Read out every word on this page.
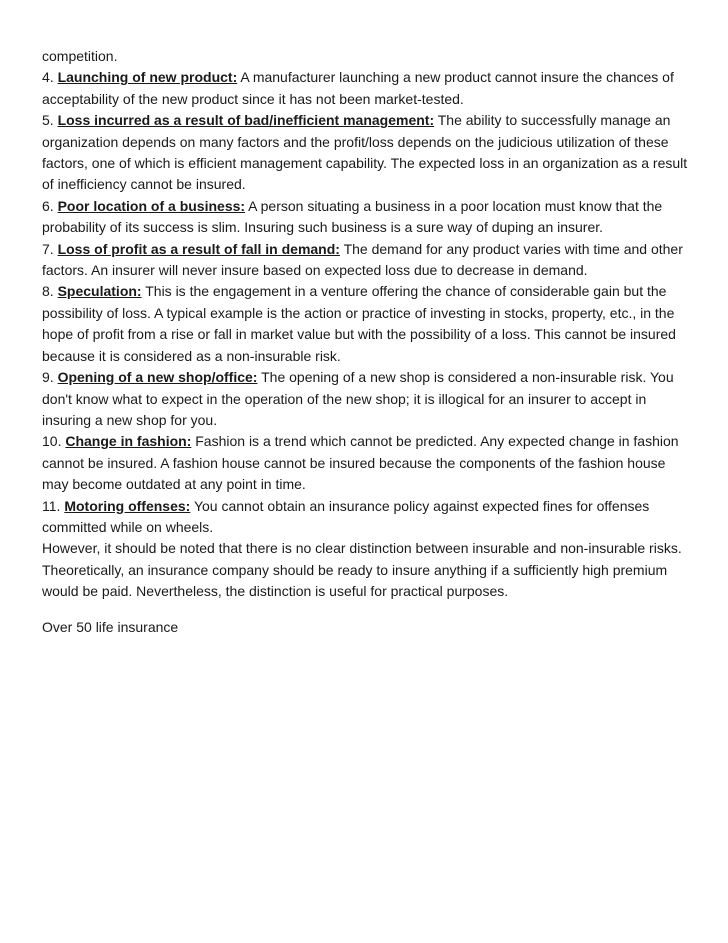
competition.

4. Launching of new product: A manufacturer launching a new product cannot insure the chances of acceptability of the new product since it has not been market-tested.

5. Loss incurred as a result of bad/inefficient management: The ability to successfully manage an organization depends on many factors and the profit/loss depends on the judicious utilization of these factors, one of which is efficient management capability. The expected loss in an organization as a result of inefficiency cannot be insured.

6. Poor location of a business: A person situating a business in a poor location must know that the probability of its success is slim. Insuring such business is a sure way of duping an insurer.

7. Loss of profit as a result of fall in demand: The demand for any product varies with time and other factors. An insurer will never insure based on expected loss due to decrease in demand.

8. Speculation: This is the engagement in a venture offering the chance of considerable gain but the possibility of loss. A typical example is the action or practice of investing in stocks, property, etc., in the hope of profit from a rise or fall in market value but with the possibility of a loss. This cannot be insured because it is considered as a non-insurable risk.

9. Opening of a new shop/office: The opening of a new shop is considered a non-insurable risk. You don't know what to expect in the operation of the new shop; it is illogical for an insurer to accept in insuring a new shop for you.

10. Change in fashion: Fashion is a trend which cannot be predicted. Any expected change in fashion cannot be insured. A fashion house cannot be insured because the components of the fashion house may become outdated at any point in time.

11. Motoring offenses: You cannot obtain an insurance policy against expected fines for offenses committed while on wheels.

However, it should be noted that there is no clear distinction between insurable and non-insurable risks. Theoretically, an insurance company should be ready to insure anything if a sufficiently high premium would be paid. Nevertheless, the distinction is useful for practical purposes.

Over 50 life insurance
